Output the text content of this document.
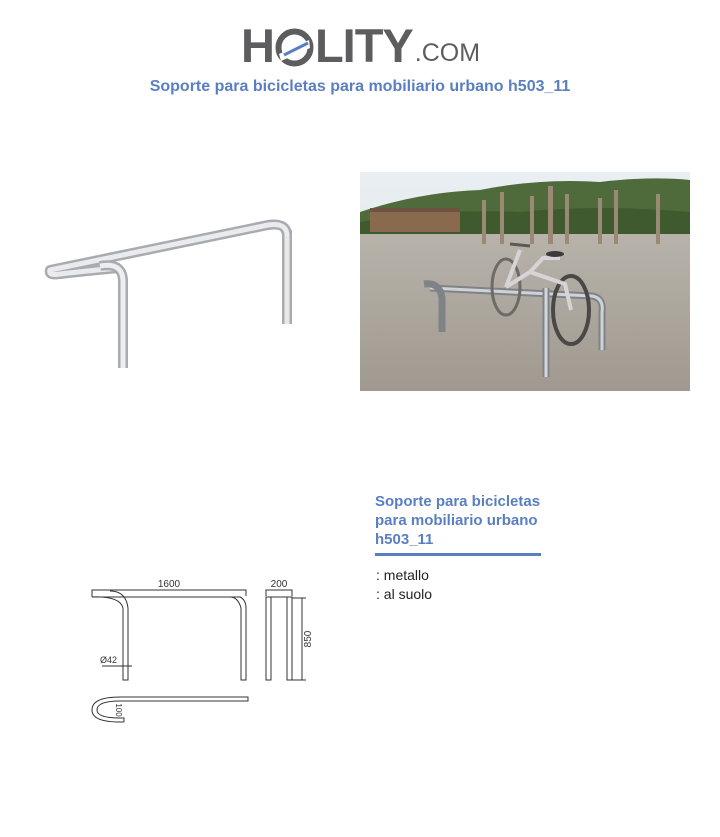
H LITY .COM
Soporte para bicicletas para mobiliario urbano h503_11
1600	200
850
Ø42
100
Soporte para bicicletas
para mobiliario urbano
h503_11
: metallo
: al suolo
